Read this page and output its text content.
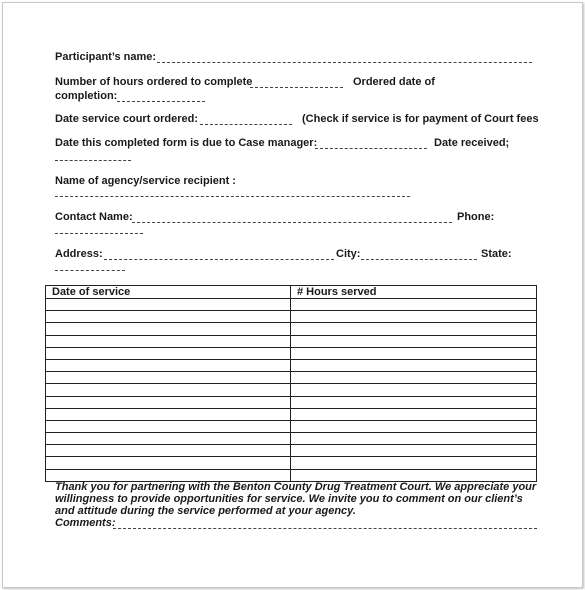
Participant’s name:
Number of hours ordered to complete	Ordered date of
completion:
Date service court ordered:	(Check if service is for payment of Court fees
Date this completed form is due to Case manager:	Date received;
Name of agency/service recipient :
Contact Name:	Phone:
Address:	City:	State:
Date of service	# Hours served

Thank you for partnering with the Benton County Drug Treatment Court. We appreciate your
willingness to provide opportunities for service. We invite you to comment on our client’s
and attitude during the service performed at your agency.
Comments:
